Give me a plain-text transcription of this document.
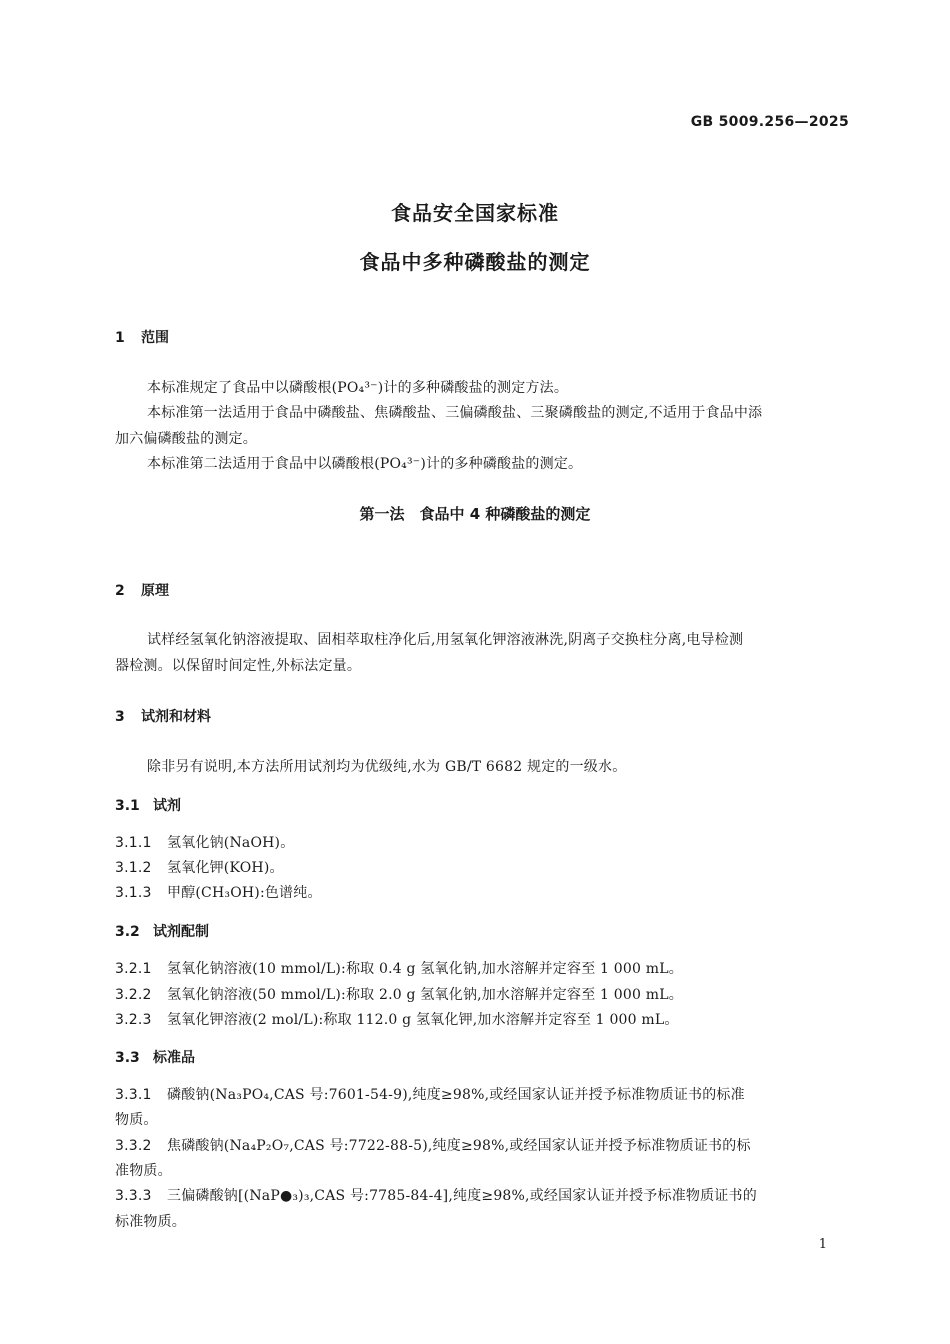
GB 5009.256—2025
食品安全国家标准
食品中多种磷酸盐的测定
1 范围
本标准规定了食品中以磷酸根(PO₄³⁻)计的多种磷酸盐的测定方法。
本标准第一法适用于食品中磷酸盐、焦磷酸盐、三偏磷酸盐、三聚磷酸盐的测定,不适用于食品中添
加六偏磷酸盐的测定。
本标准第二法适用于食品中以磷酸根(PO₄³⁻)计的多种磷酸盐的测定。
第一法　食品中 4 种磷酸盐的测定
2 原理
试样经氢氧化钠溶液提取、固相萃取柱净化后,用氢氧化钾溶液淋洗,阴离子交换柱分离,电导检测
器检测。以保留时间定性,外标法定量。
3 试剂和材料
除非另有说明,本方法所用试剂均为优级纯,水为 GB/T 6682 规定的一级水。
3.1 试剂
3.1.1 氢氧化钠(NaOH)。
3.1.2 氢氧化钾(KOH)。
3.1.3 甲醇(CH₃OH):色谱纯。
3.2 试剂配制
3.2.1 氢氧化钠溶液(10 mmol/L):称取 0.4 g 氢氧化钠,加水溶解并定容至 1 000 mL。
3.2.2 氢氧化钠溶液(50 mmol/L):称取 2.0 g 氢氧化钠,加水溶解并定容至 1 000 mL。
3.2.3 氢氧化钾溶液(2 mol/L):称取 112.0 g 氢氧化钾,加水溶解并定容至 1 000 mL。
3.3 标准品
3.3.1 磷酸钠(Na₃PO₄,CAS 号:7601-54-9),纯度≥98%,或经国家认证并授予标准物质证书的标准
物质。
3.3.2 焦磷酸钠(Na₄P₂O₇,CAS 号:7722-88-5),纯度≥98%,或经国家认证并授予标准物质证书的标
准物质。
3.3.3 三偏磷酸钠[(NaP●₃)₃,CAS 号:7785-84-4],纯度≥98%,或经国家认证并授予标准物质证书的
标准物质。
1
